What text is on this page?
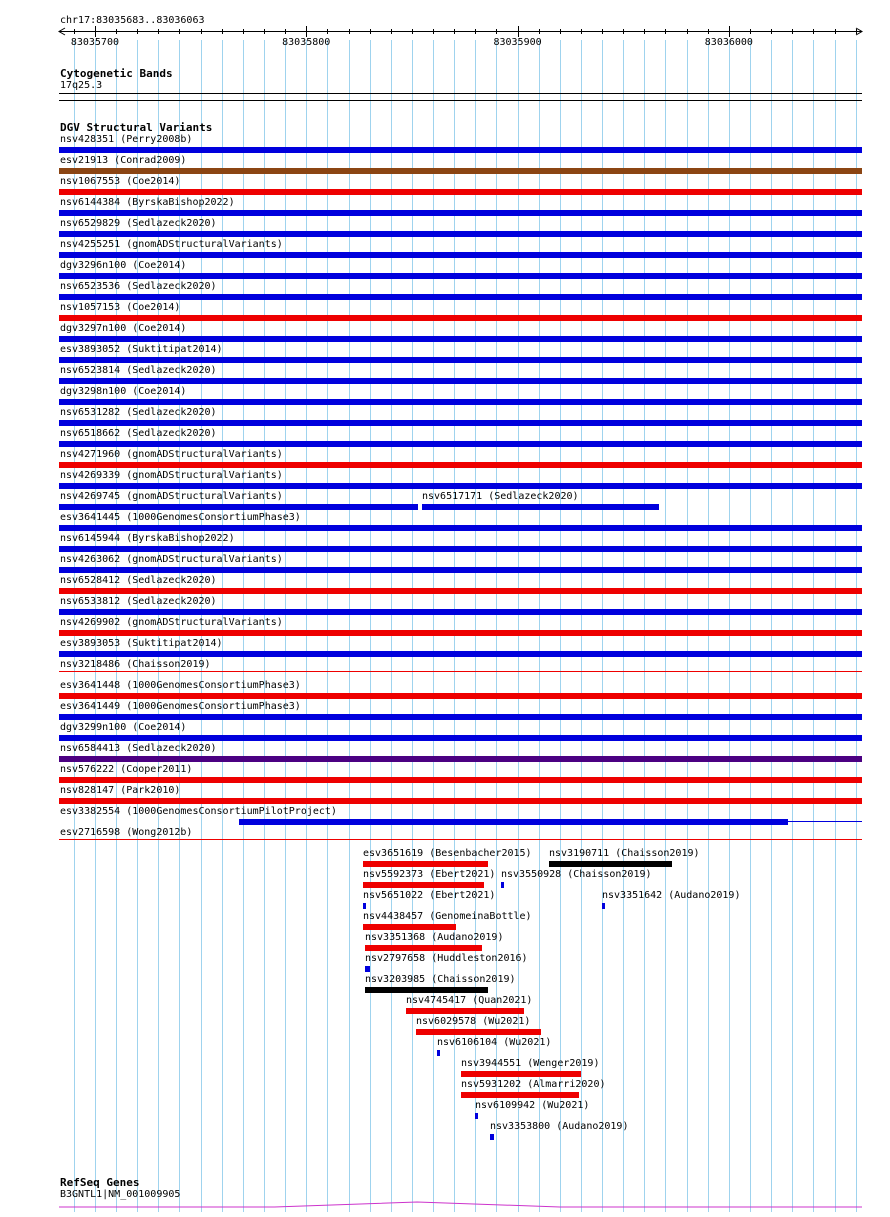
chr17:83035683..83036063
83035700	83035800	83035900	83036000
Cytogenetic Bands
17q25.3
DGV Structural Variants
nsv428351 (Perry2008b)
esv21913 (Conrad2009)
nsv1067553 (Coe2014)
nsv6144384 (ByrskaBishop2022)
nsv6529829 (Sedlazeck2020)
nsv4255251 (gnomADStructuralVariants)
dgv3296n100 (Coe2014)
nsv6523536 (Sedlazeck2020)
nsv1057153 (Coe2014)
dgv3297n100 (Coe2014)
esv3893052 (Suktitipat2014)
nsv6523814 (Sedlazeck2020)
dgv3298n100 (Coe2014)
nsv6531282 (Sedlazeck2020)
nsv6518662 (Sedlazeck2020)
nsv4271960 (gnomADStructuralVariants)
nsv4269339 (gnomADStructuralVariants)
nsv4269745 (gnomADStructuralVariants)
esv3641445 (1000GenomesConsortiumPhase3)
nsv6145944 (ByrskaBishop2022)
nsv4263062 (gnomADStructuralVariants)
nsv6528412 (Sedlazeck2020)
nsv6533812 (Sedlazeck2020)
nsv4269902 (gnomADStructuralVariants)
esv3893053 (Suktitipat2014)
nsv3218486 (Chaisson2019)
esv3641448 (1000GenomesConsortiumPhase3)
esv3641449 (1000GenomesConsortiumPhase3)
dgv3299n100 (Coe2014)
nsv6584413 (Sedlazeck2020)
nsv576222 (Cooper2011)
nsv828147 (Park2010)
esv3382554 (1000GenomesConsortiumPilotProject)
esv2716598 (Wong2012b)
nsv6517171 (Sedlazeck2020)
esv3651619 (Besenbacher2015) nsv3190711 (Chaisson2019)
nsv5592373 (Ebert2021) nsv3550928 (Chaisson2019)
nsv5651022 (Ebert2021)	nsv3351642 (Audano2019)
nsv4438457 (GenomeinaBottle)
nsv3351368 (Audano2019)
nsv2797658 (Huddleston2016)
nsv3203985 (Chaisson2019)
nsv4745417 (Quan2021)
nsv6029578 (Wu2021)
nsv6106104 (Wu2021)
nsv3944551 (Wenger2019)
nsv5931202 (Almarri2020)
nsv6109942 (Wu2021)
nsv3353800 (Audano2019)
RefSeq Genes
B3GNTL1|NM_001009905
